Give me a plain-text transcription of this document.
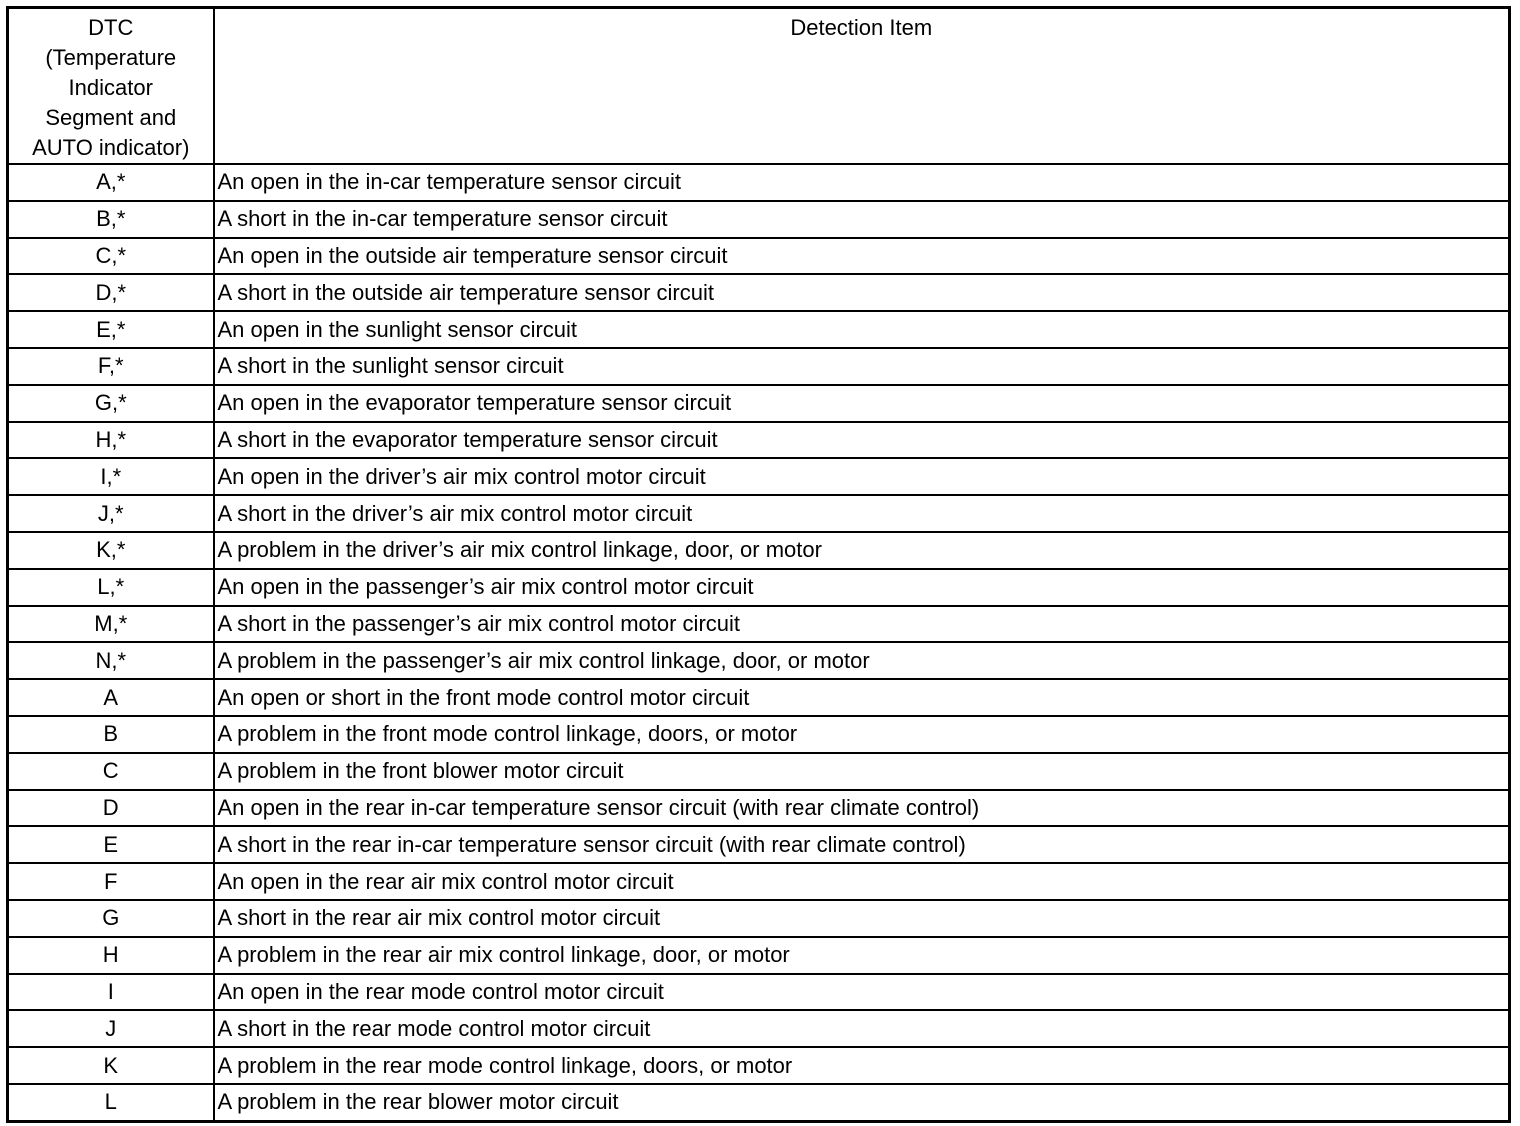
DTC
(Temperature
Indicator
Segment and
AUTO indicator)	Detection Item
A,*	An open in the in-car temperature sensor circuit
B,*	A short in the in-car temperature sensor circuit
C,*	An open in the outside air temperature sensor circuit
D,*	A short in the outside air temperature sensor circuit
E,*	An open in the sunlight sensor circuit
F,*	A short in the sunlight sensor circuit
G,*	An open in the evaporator temperature sensor circuit
H,*	A short in the evaporator temperature sensor circuit
I,*	An open in the driver’s air mix control motor circuit
J,*	A short in the driver’s air mix control motor circuit
K,*	A problem in the driver’s air mix control linkage, door, or motor
L,*	An open in the passenger’s air mix control motor circuit
M,*	A short in the passenger’s air mix control motor circuit
N,*	A problem in the passenger’s air mix control linkage, door, or motor
A	An open or short in the front mode control motor circuit
B	A problem in the front mode control linkage, doors, or motor
C	A problem in the front blower motor circuit
D	An open in the rear in-car temperature sensor circuit (with rear climate control)
E	A short in the rear in-car temperature sensor circuit (with rear climate control)
F	An open in the rear air mix control motor circuit
G	A short in the rear air mix control motor circuit
H	A problem in the rear air mix control linkage, door, or motor
I	An open in the rear mode control motor circuit
J	A short in the rear mode control motor circuit
K	A problem in the rear mode control linkage, doors, or motor
L	A problem in the rear blower motor circuit
